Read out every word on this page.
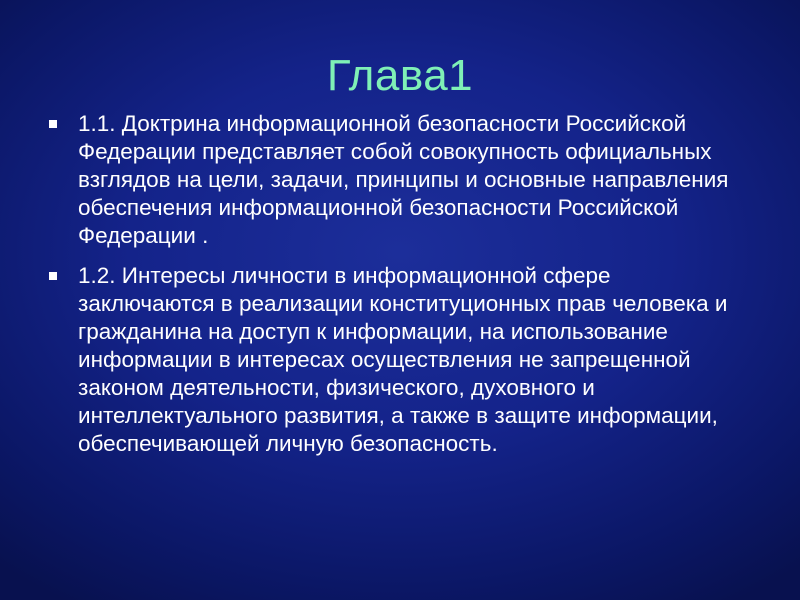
Глава1
1.1. Доктрина информационной безопасности Российской Федерации представляет собой совокупность официальных взглядов на цели, задачи, принципы и основные направления обеспечения информационной безопасности Российской Федерации .
1.2. Интересы личности в информационной сфере заключаются в реализации конституционных прав человека и гражданина на доступ к информации, на использование информации в интересах осуществления не запрещенной законом деятельности, физического, духовного и интеллектуального развития, а также в защите информации, обеспечивающей личную безопасность.
